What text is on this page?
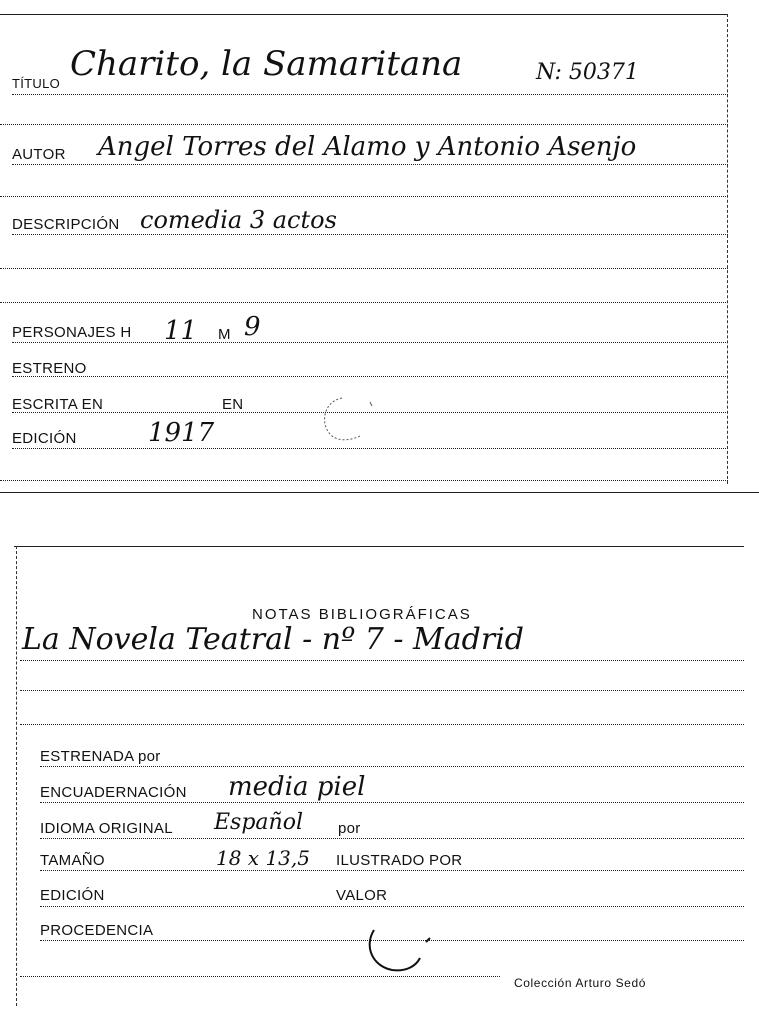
TÍTULO Charito, la Samaritana	N: 50371
AUTOR Angel Torres del Alamo y Antonio Asenjo
DESCRIPCIÓN comedia 3 actos
PERSONAJES H 11 M 9
ESTRENO
ESCRITA EN	EN
EDICIÓN	1917
NOTAS BIBLIOGRÁFICAS
La Novela Teatral - nº 7 - Madrid
ESTRENADA por
ENCUADERNACIÓN media piel
IDIOMA ORIGINAL Español por
TAMAÑO	18 x 13,5 ILUSTRADO POR
EDICIÓN	VALOR
PROCEDENCIA
Colección Arturo Sedó
